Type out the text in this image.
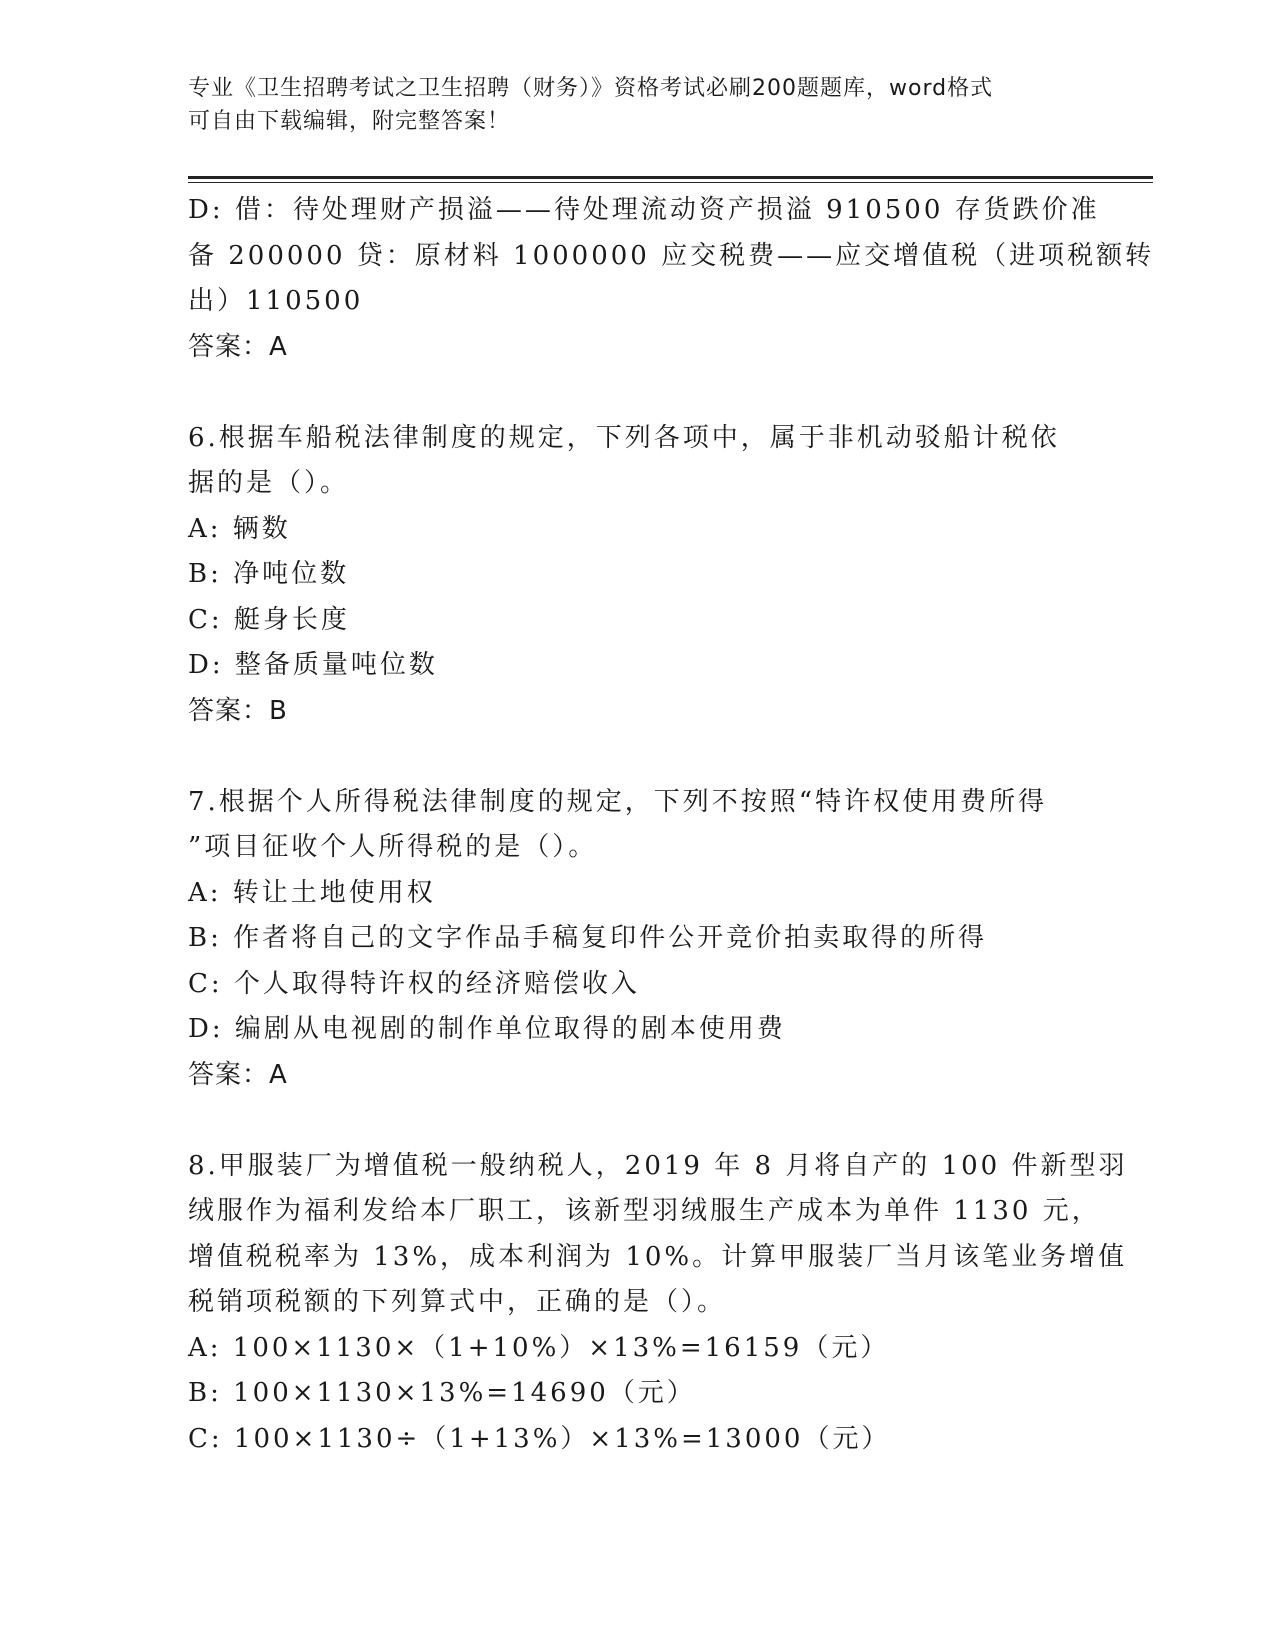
专业《卫生招聘考试之卫生招聘（财务）》资格考试必刷200题题库，word格式
可自由下载编辑，附完整答案！
D: 借：待处理财产损溢——待处理流动资产损溢 910500 存货跌价准
备 200000 贷：原材料 1000000 应交税费——应交增值税（进项税额转
出）110500
答案：A
6.根据车船税法律制度的规定，下列各项中，属于非机动驳船计税依
据的是（）。
A: 辆数
B: 净吨位数
C: 艇身长度
D: 整备质量吨位数
答案：B
7.根据个人所得税法律制度的规定，下列不按照“特许权使用费所得
”项目征收个人所得税的是（）。
A: 转让土地使用权
B: 作者将自己的文字作品手稿复印件公开竞价拍卖取得的所得
C: 个人取得特许权的经济赔偿收入
D: 编剧从电视剧的制作单位取得的剧本使用费
答案：A
8.甲服装厂为增值税一般纳税人，2019 年 8 月将自产的 100 件新型羽
绒服作为福利发给本厂职工，该新型羽绒服生产成本为单件 1130 元，
增值税税率为 13%，成本利润为 10%。计算甲服装厂当月该笔业务增值
税销项税额的下列算式中，正确的是（）。
A: 100×1130×（1+10%）×13%=16159（元）
B: 100×1130×13%=14690（元）
C: 100×1130÷（1+13%）×13%=13000（元）
